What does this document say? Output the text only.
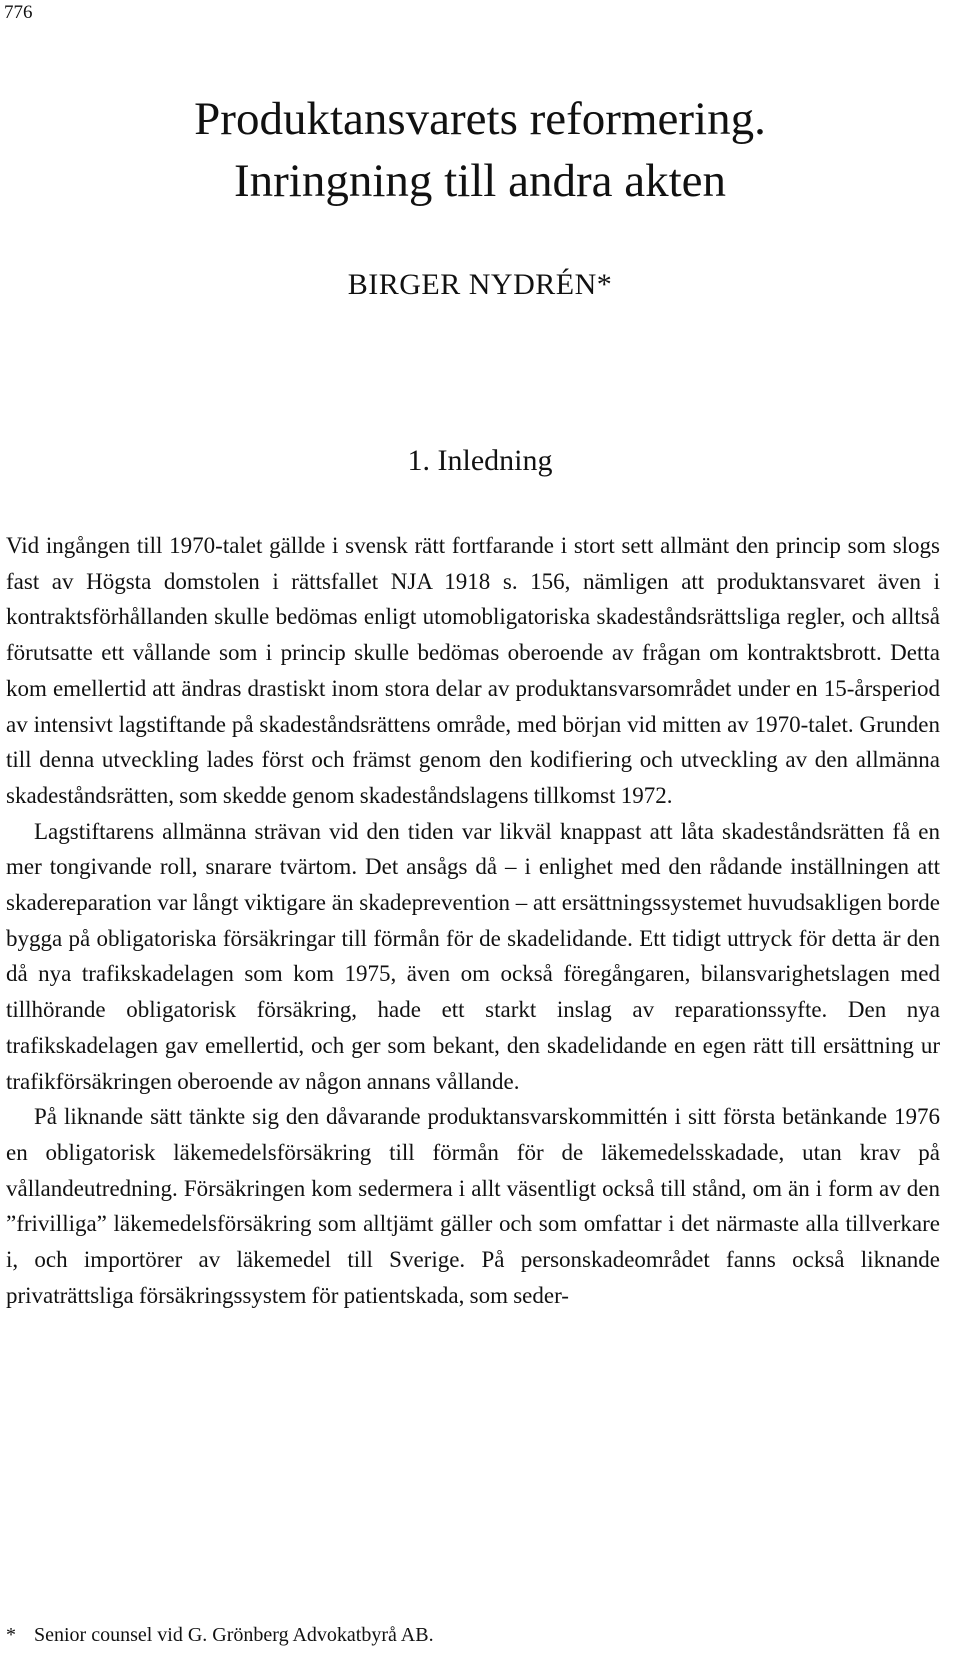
776
Produktansvarets reformering.
Inringning till andra akten
BIRGER NYDRÉN*
1. Inledning

Vid ingången till 1970-talet gällde i svensk rätt fortfarande i stort sett allmänt den princip som slogs fast av Högsta domstolen i rättsfallet NJA 1918 s. 156, nämligen att produktansvaret även i kontraktsförhållanden skulle bedömas enligt utomobligatoriska skadeståndsrättsliga regler, och alltså förutsatte ett vållande som i princip skulle bedömas oberoende av frågan om kontraktsbrott. Detta kom emellertid att ändras drastiskt inom stora delar av produktansvarsområdet under en 15-årsperiod av intensivt lagstiftande på skadeståndsrättens område, med början vid mitten av 1970-talet. Grunden till denna utveckling lades först och främst genom den kodifiering och utveckling av den allmänna skadeståndsrätten, som skedde genom skadeståndslagens tillkomst 1972.

Lagstiftarens allmänna strävan vid den tiden var likväl knappast att låta skadeståndsrätten få en mer tongivande roll, snarare tvärtom. Det ansågs då – i enlighet med den rådande inställningen att skadereparation var långt viktigare än skadeprevention – att ersättningssystemet huvudsakligen borde bygga på obligatoriska försäkringar till förmån för de skadelidande. Ett tidigt uttryck för detta är den då nya trafikskadelagen som kom 1975, även om också föregångaren, bilansvarighetslagen med tillhörande obligatorisk försäkring, hade ett starkt inslag av reparationssyfte. Den nya trafikskadelagen gav emellertid, och ger som bekant, den skadelidande en egen rätt till ersättning ur trafikförsäkringen oberoende av någon annans vållande.

På liknande sätt tänkte sig den dåvarande produktansvarskommittén i sitt första betänkande 1976 en obligatorisk läkemedelsförsäkring till förmån för de läkemedelsskadade, utan krav på vållandeutredning. Försäkringen kom sedermera i allt väsentligt också till stånd, om än i form av den ”frivilliga” läkemedelsförsäkring som alltjämt gäller och som omfattar i det närmaste alla tillverkare i, och importörer av läkemedel till Sverige. På personskadeområdet fanns också liknande privaträttsliga försäkringssystem för patientskada, som seder-

* Senior counsel vid G. Grönberg Advokatbyrå AB.
